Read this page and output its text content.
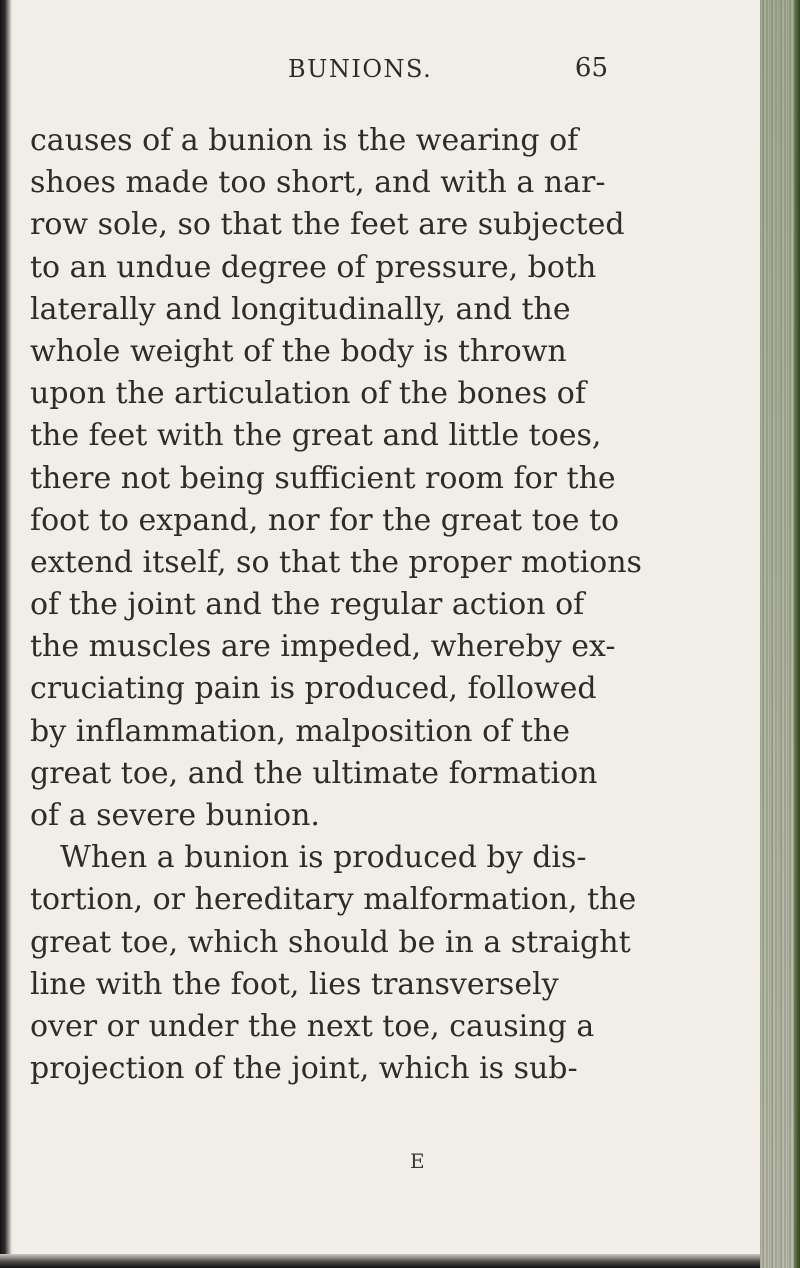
BUNIONS.	65
causes of a bunion is the wearing of
shoes made too short, and with a nar-
row sole, so that the feet are subjected
to an undue degree of pressure, both
laterally and longitudinally, and the
whole weight of the body is thrown
upon the articulation of the bones of
the feet with the great and little toes,
there not being sufficient room for the
foot to expand, nor for the great toe to
extend itself, so that the proper motions
of the joint and the regular action of
the muscles are impeded, whereby ex-
cruciating pain is produced, followed
by inflammation, malposition of the
great toe, and the ultimate formation
of a severe bunion.
When a bunion is produced by dis-
tortion, or hereditary malformation, the
great toe, which should be in a straight
line with the foot, lies transversely
over or under the next toe, causing a
projection of the joint, which is sub-
E
